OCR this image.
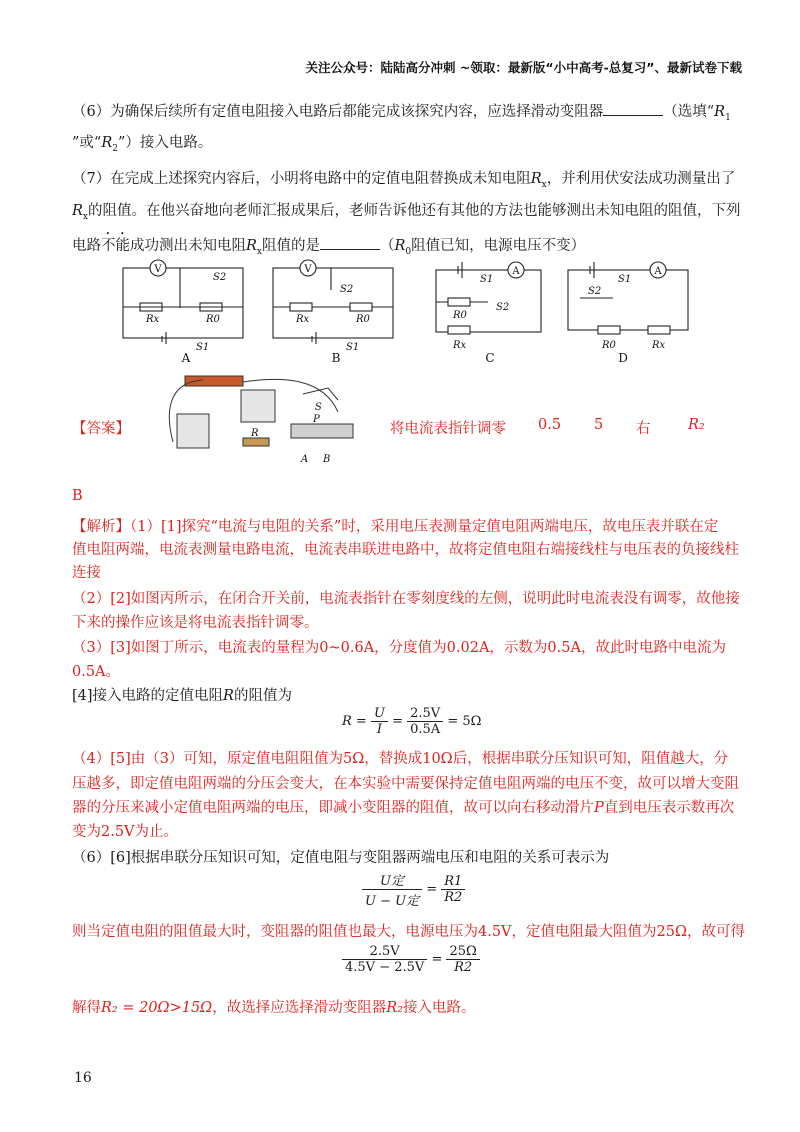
关注公众号：陆陆高分冲刺 ~领取：最新版“小中高考-总复习”、最新试卷下载
（6）为确保后续所有定值电阻接入电路后都能完成该探究内容，应选择滑动变阻器	（选填“$R_1$
”或“$R_2$”）接入电路。
（7）在完成上述探究内容后，小明将电路中的定值电阻替换成未知电阻$R_x$，并利用伏安法成功测量出了
$R_x$的阻值。在他兴奋地向老师汇报成果后，老师告诉他还有其他的方法也能够测出未知电阻的阻值，下列
电路不能成功测出未知电阻$R_x$阻值的是	（$R_0$阻值已知，电源电压不变）
V	V	A	A
S2
Rx	R0
S1
S2
Rx	R0
S1
S1
S2
R0
Rx
S1
S2
R0	Rx
A	B	C	D
【答案】
S
P
R
A B
将电流表指针调零 0.5 5 右	R₂
B
【解析】（1）[1]探究“电流与电阻的关系”时，采用电压表测量定值电阻两端电压，故电压表并联在定
值电阻两端，电流表测量电路电流，电流表串联进电路中，故将定值电阻右端接线柱与电压表的负接线柱
连接
（2）[2]如图丙所示，在闭合开关前，电流表指针在零刻度线的左侧，说明此时电流表没有调零，故他接
下来的操作应该是将电流表指针调零。
（3）[3]如图丁所示，电流表的量程为0~0.6A，分度值为0.02A，示数为0.5A，故此时电路中电流为
0.5A。
[4]接入电路的定值电阻R的阻值为
$R = \frac{U}{I} = \frac{2.5V}{0.5A} = 5\Omega$
（4）[5]由（3）可知，原定值电阻阻值为5Ω，替换成10Ω后，根据串联分压知识可知，阻值越大，分
压越多，即定值电阻两端的分压会变大，在本实验中需要保持定值电阻两端的电压不变，故可以增大变阻
器的分压来减小定值电阻两端的电压，即减小变阻器的阻值，故可以向右移动滑片P直到电压表示数再次
变为2.5V为止。
（6）[6]根据串联分压知识可知，定值电阻与变阻器两端电压和电阻的关系可表示为
$\frac{\text{U定}}{\text{U − U定}} = \frac{R1}{R2}$
则当定值电阻的阻值最大时，变阻器的阻值也最大，电源电压为4.5V，定值电阻最大阻值为25Ω，故可得
$\frac{2.5V}{4.5V - 2.5V} = \frac{25\Omega}{R2}$
解得R₂ = 20Ω>15Ω，故选择应选择滑动变阻器R₂接入电路。
16
